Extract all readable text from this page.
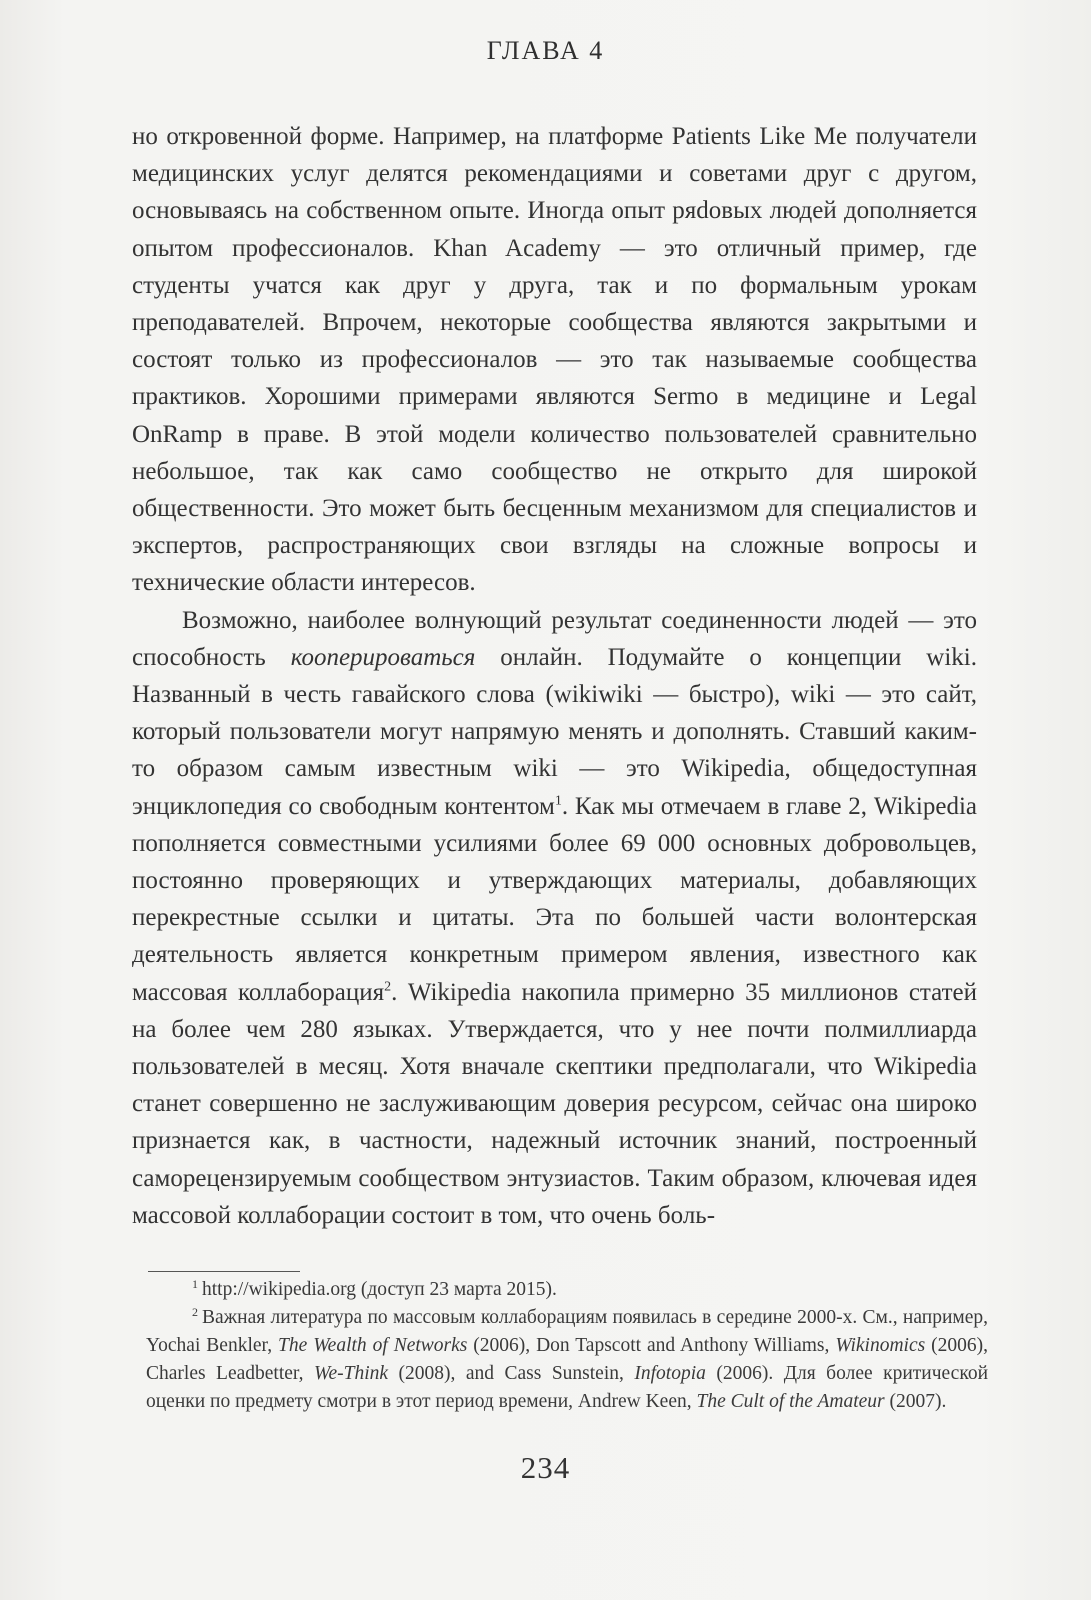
ГЛАВА 4

но откровенной форме. Например, на платформе Patients Like Me получатели медицинских услуг делятся рекомендациями и советами друг с другом, основываясь на собственном опыте. Иногда опыт ряdовых людей дополняется опытом профессионалов. Khan Academy — это отличный пример, где студенты учатся как друг у друга, так и по формальным урокам преподавателей. Впрочем, некоторые сообщества являются закрытыми и состоят только из профессионалов — это так называемые сообщества практиков. Хорошими примерами являются Sermo в медицине и Legal OnRamp в праве. В этой модели количество пользователей сравнительно небольшое, так как само сообщество не открыто для широкой общественности. Это может быть бесценным механизмом для специалистов и экспертов, распространяющих свои взгляды на сложные вопросы и технические области интересов.

Возможно, наиболее волнующий результат соединенности людей — это способность кооперироваться онлайн. Подумайте о концепции wiki. Названный в честь гавайского слова (wikiwiki — быстро), wiki — это сайт, который пользователи могут напрямую менять и дополнять. Ставший каким-то образом самым известным wiki — это Wikipedia, общедоступная энциклопедия со свободным контентом$^1$. Как мы отмечаем в главе 2, Wikipedia пополняется совместными усилиями более 69 000 основных добровольцев, постоянно проверяющих и утверждающих материалы, добавляющих перекрестные ссылки и цитаты. Эта по большей части волонтерская деятельность является конкретным примером явления, известного как массовая коллаборация$^2$. Wikipedia накопила примерно 35 миллионов статей на более чем 280 языках. Утверждается, что у нее почти полмиллиарда пользователей в месяц. Хотя вначале скептики предполагали, что Wikipedia станет совершенно не заслуживающим доверия ресурсом, сейчас она широко признается как, в частности, надежный источник знаний, построенный саморецензируемым сообществом энтузиастов. Таким образом, ключевая идея массовой коллаборации состоит в том, что очень боль-

$^1$ http://wikipedia.org (доступ 23 марта 2015).

$^2$ Важная литература по массовым коллаборациям появилась в середине 2000-х. См., например, Yochai Benkler, The Wealth of Networks (2006), Don Tapscott and Anthony Williams, Wikinomics (2006), Charles Leadbetter, We-Think (2008), and Cass Sunstein, Infotopia (2006). Для более критической оценки по предмету смотри в этот период времени, Andrew Keen, The Cult of the Amateur (2007).

234
